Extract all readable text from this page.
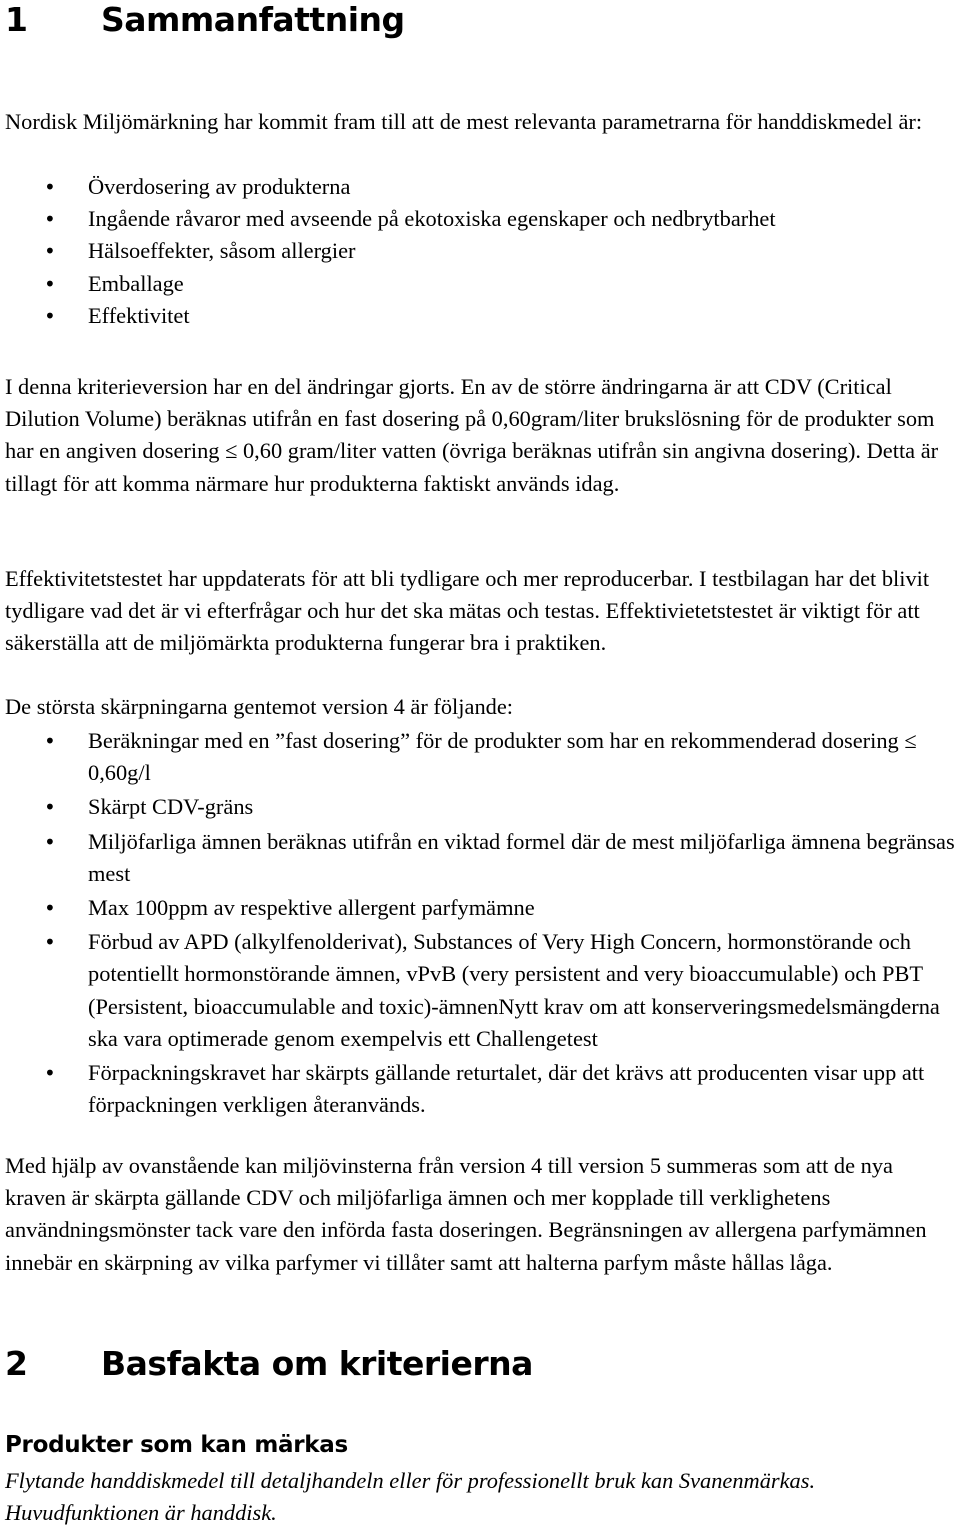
1 Sammanfattning

Nordisk Miljömärkning har kommit fram till att de mest relevanta parametrarna för handdiskmedel är:

• Överdosering av produkterna
• Ingående råvaror med avseende på ekotoxiska egenskaper och nedbrytbarhet
• Hälsoeffekter, såsom allergier
• Emballage
• Effektivitet

I denna kriterieversion har en del ändringar gjorts. En av de större ändringarna är att CDV (Critical Dilution Volume) beräknas utifrån en fast dosering på 0,60gram/liter brukslösning för de produkter som har en angiven dosering ≤ 0,60 gram/liter vatten (övriga beräknas utifrån sin angivna dosering). Detta är tillagt för att komma närmare hur produkterna faktiskt används idag.

Effektivitetstestet har uppdaterats för att bli tydligare och mer reproducerbar. I testbilagan har det blivit tydligare vad det är vi efterfrågar och hur det ska mätas och testas. Effektivietetstestet är viktigt för att säkerställa att de miljömärkta produkterna fungerar bra i praktiken.

De största skärpningarna gentemot version 4 är följande:

• Beräkningar med en ”fast dosering” för de produkter som har en rekommenderad dosering ≤ 0,60g/l
• Skärpt CDV-gräns
• Miljöfarliga ämnen beräknas utifrån en viktad formel där de mest miljöfarliga ämnena begränsas mest
• Max 100ppm av respektive allergent parfymämne
• Förbud av APD (alkylfenolderivat), Substances of Very High Concern, hormonstörande och potentiellt hormonstörande ämnen, vPvB (very persistent and very bioaccumulable) och PBT (Persistent, bioaccumulable and toxic)-ämnenNytt krav om att konserveringsmedelsmängderna ska vara optimerade genom exempelvis ett Challengetest
• Förpackningskravet har skärpts gällande returtalet, där det krävs att producenten visar upp att förpackningen verkligen återanvänds.

Med hjälp av ovanstående kan miljövinsterna från version 4 till version 5 summeras som att de nya kraven är skärpta gällande CDV och miljöfarliga ämnen och mer kopplade till verklighetens användningsmönster tack vare den införda fasta doseringen. Begränsningen av allergena parfymämnen innebär en skärpning av vilka parfymer vi tillåter samt att halterna parfym måste hållas låga.

2 Basfakta om kriterierna
Produkter som kan märkas

Flytande handdiskmedel till detaljhandeln eller för professionellt bruk kan Svanenmärkas. Huvudfunktionen är handdisk.
